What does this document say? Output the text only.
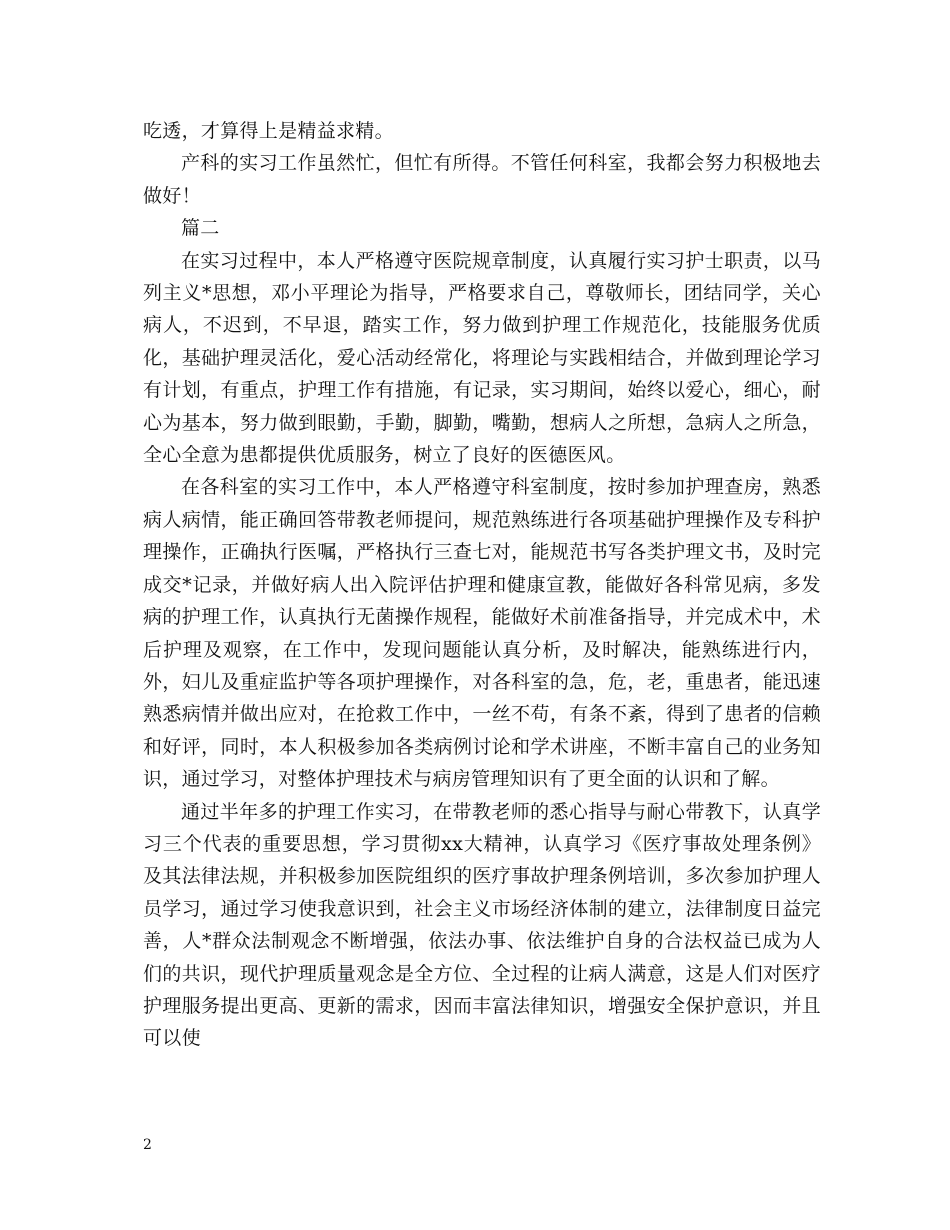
吃透，才算得上是精益求精。

产科的实习工作虽然忙，但忙有所得。不管任何科室，我都会努力积极地去做好！

篇二

在实习过程中，本人严格遵守医院规章制度，认真履行实习护士职责，以马列主义*思想，邓小平理论为指导，严格要求自己，尊敬师长，团结同学，关心病人，不迟到，不早退，踏实工作，努力做到护理工作规范化，技能服务优质化，基础护理灵活化，爱心活动经常化，将理论与实践相结合，并做到理论学习有计划，有重点，护理工作有措施，有记录，实习期间，始终以爱心，细心，耐心为基本，努力做到眼勤，手勤，脚勤，嘴勤，想病人之所想，急病人之所急，全心全意为患都提供优质服务，树立了良好的医德医风。

在各科室的实习工作中，本人严格遵守科室制度，按时参加护理查房，熟悉病人病情，能正确回答带教老师提问，规范熟练进行各项基础护理操作及专科护理操作，正确执行医嘱，严格执行三查七对，能规范书写各类护理文书，及时完成交*记录，并做好病人出入院评估护理和健康宣教，能做好各科常见病，多发病的护理工作，认真执行无菌操作规程，能做好术前准备指导，并完成术中，术后护理及观察，在工作中，发现问题能认真分析，及时解决，能熟练进行内，外，妇儿及重症监护等各项护理操作，对各科室的急，危，老，重患者，能迅速熟悉病情并做出应对，在抢救工作中，一丝不苟，有条不紊，得到了患者的信赖和好评，同时，本人积极参加各类病例讨论和学术讲座，不断丰富自己的业务知识，通过学习，对整体护理技术与病房管理知识有了更全面的认识和了解。

通过半年多的护理工作实习，在带教老师的悉心指导与耐心带教下，认真学习三个代表的重要思想，学习贯彻xx大精神，认真学习《医疗事故处理条例》及其法律法规，并积极参加医院组织的医疗事故护理条例培训，多次参加护理人员学习，通过学习使我意识到，社会主义市场经济体制的建立，法律制度日益完善，人*群众法制观念不断增强，依法办事、依法维护自身的合法权益已成为人们的共识，现代护理质量观念是全方位、全过程的让病人满意，这是人们对医疗护理服务提出更高、更新的需求，因而丰富法律知识，增强安全保护意识，并且可以使

2
